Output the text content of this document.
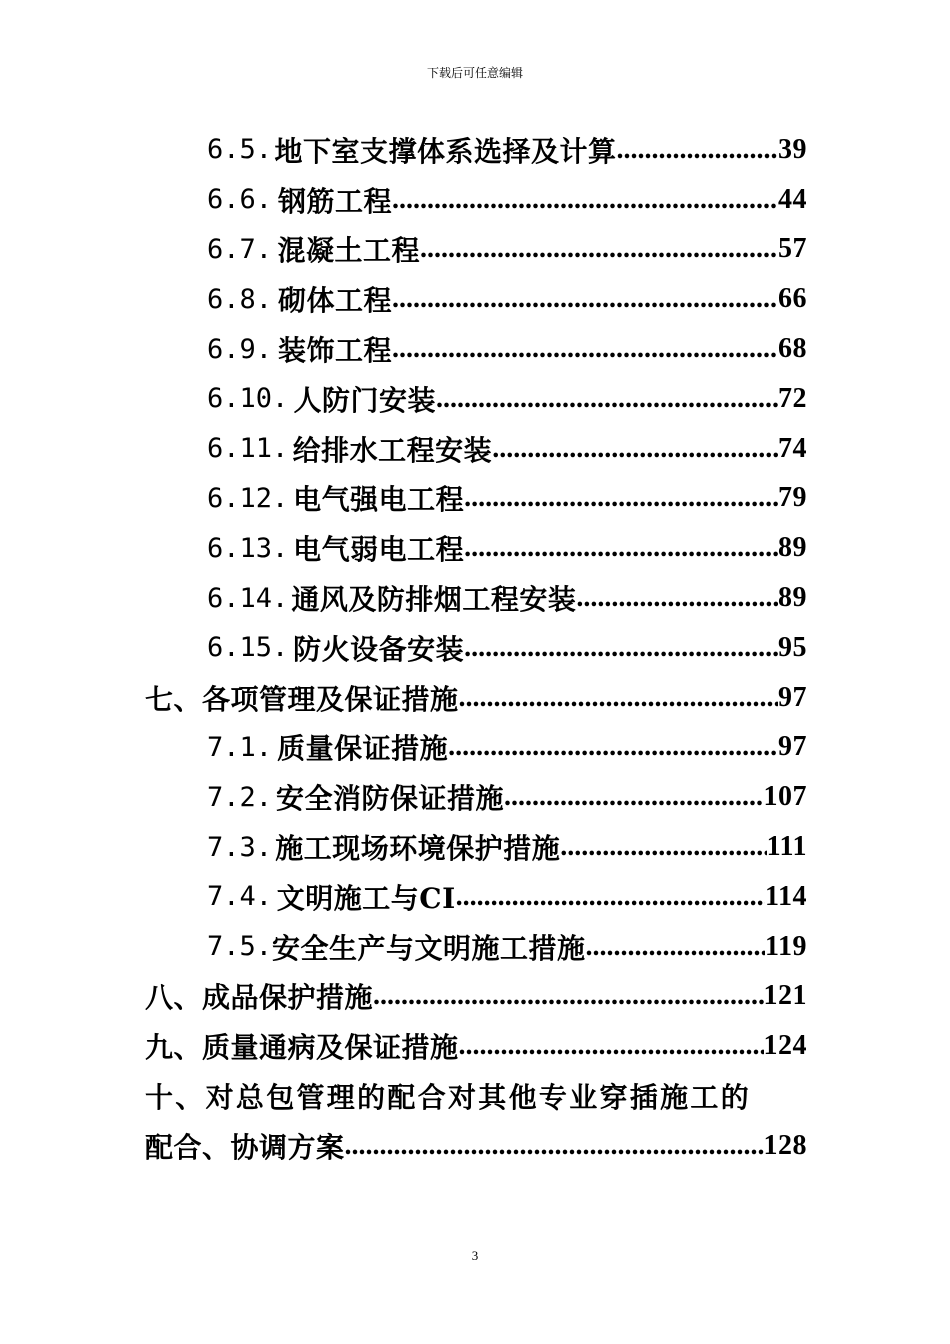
下载后可任意编辑
6.5. 地下室支撑体系选择及计算 .....	39
6.6. 钢筋工程 .....	44
6.7. 混凝土工程 .....	57
6.8. 砌体工程 .....	66
6.9. 装饰工程 .....	68
6.10. 人防门安装 .....	72
6.11. 给排水工程安装 .....	74
6.12. 电气强电工程 .....	79
6.13. 电气弱电工程 .....	89
6.14. 通风及防排烟工程安装 .....	89
6.15. 防火设备安装 .....	95
七、各项管理及保证措施 .....	97
7.1. 质量保证措施 .....	97
7.2. 安全消防保证措施 .....	107
7.3. 施工现场环境保护措施 .....	111
7.4. 文明施工与CI .....	114
7.5. 安全生产与文明施工措施 .....	119
八、成品保护措施 .....	121
九、质量通病及保证措施 .....	124
十、对总包管理的配合对其他专业穿插施工的
配合、协调方案 .....	128
3
